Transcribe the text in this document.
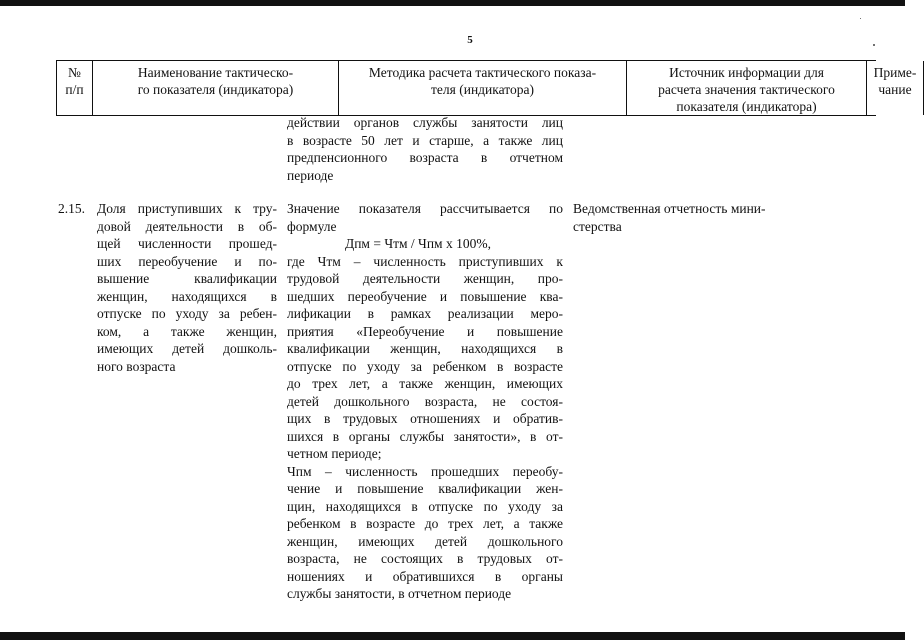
5
№
п/п
Наименование тактическо-
го показателя (индикатора)
Методика расчета тактического показа-
теля (индикатора)
Источник информации для
расчета значения тактического
показателя (индикатора)
Приме-
чание
действии органов службы занятости лиц
в возрасте 50 лет и старше, а также лиц
предпенсионного возраста в отчетном
периоде
2.15. Доля приступивших к тру-
довой деятельности в об-
щей численности прошед-
ших переобучение и по-
вышение квалификации
женщин, находящихся в
отпуске по уходу за ребен-
ком, а также женщин,
имеющих детей дошколь-
ного возраста
Значение показателя рассчитывается по
формуле
Дпм = Чтм / Чпм х 100%,
где Чтм – численность приступивших к
трудовой деятельности женщин, про-
шедших переобучение и повышение ква-
лификации в рамках реализации меро-
приятия «Переобучение и повышение
квалификации женщин, находящихся в
отпуске по уходу за ребенком в возрасте
до трех лет, а также женщин, имеющих
детей дошкольного возраста, не состоя-
щих в трудовых отношениях и обратив-
шихся в органы службы занятости», в от-
четном периоде;
Чпм – численность прошедших переобу-
чение и повышение квалификации жен-
щин, находящихся в отпуске по уходу за
ребенком в возрасте до трех лет, а также
женщин, имеющих детей дошкольного
возраста, не состоящих в трудовых от-
ношениях и обратившихся в органы
службы занятости, в отчетном периоде
Ведомственная отчетность мини-
стерства
